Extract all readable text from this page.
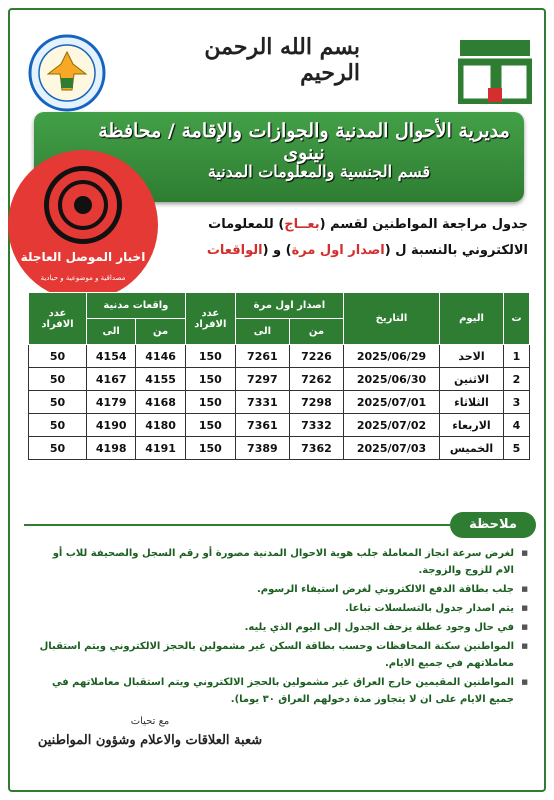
بسم الله الرحمن الرحيم
مديرية الأحوال المدنية والجوازات والإقامة / محافظة نينوى
قسم الجنسية والمعلومات المدنية
جدول مراجعة المواطنين لقسم (بعــاج) للمعلومات
الالكتروني بالنسبة ل (اصدار اول مرة) و (الواقعات
اخبار الموصل العاجلة
مصداقية و موضوعية و حيادية
ت	اليوم	التاريخ	اصدار اول مرة		عدد الافراد	واقعات مدنية		عدد الافراد
			من	الى		من	الى	
1	الاحد	2025/06/29	7226	7261	150	4146	4154	50
2	الاثنين	2025/06/30	7262	7297	150	4155	4167	50
3	الثلاثاء	2025/07/01	7298	7331	150	4168	4179	50
4	الاربعاء	2025/07/02	7332	7361	150	4180	4190	50
5	الخميس	2025/07/03	7362	7389	150	4191	4198	50
ملاحظة
■ لغرض سرعة انجاز المعاملة جلب هوية الاحوال المدنية مصورة أو رقم السجل والصحيفة للاب أو الام للزوج والزوجة.
■ جلب بطاقة الدفع الالكتروني لغرض استيفاء الرسوم.
■ يتم اصدار جدول بالتسلسلات تباعا.
■ في حال وجود عطلة يزحف الجدول إلى اليوم الذي يليه.
■ المواطنين سكنة المحافظات وحسب بطاقة السكن غير مشمولين بالحجز الالكتروني ويتم استقبال معاملاتهم في جميع الايام.
■ المواطنين المقيمين خارج العراق غير مشمولين بالحجز الالكتروني ويتم استقبال معاملاتهم في جميع الايام على ان لا يتجاوز مدة دخولهم العراق ٣٠ يوما).
مع تحيات
شعبة العلاقات والاعلام وشؤون المواطنين
